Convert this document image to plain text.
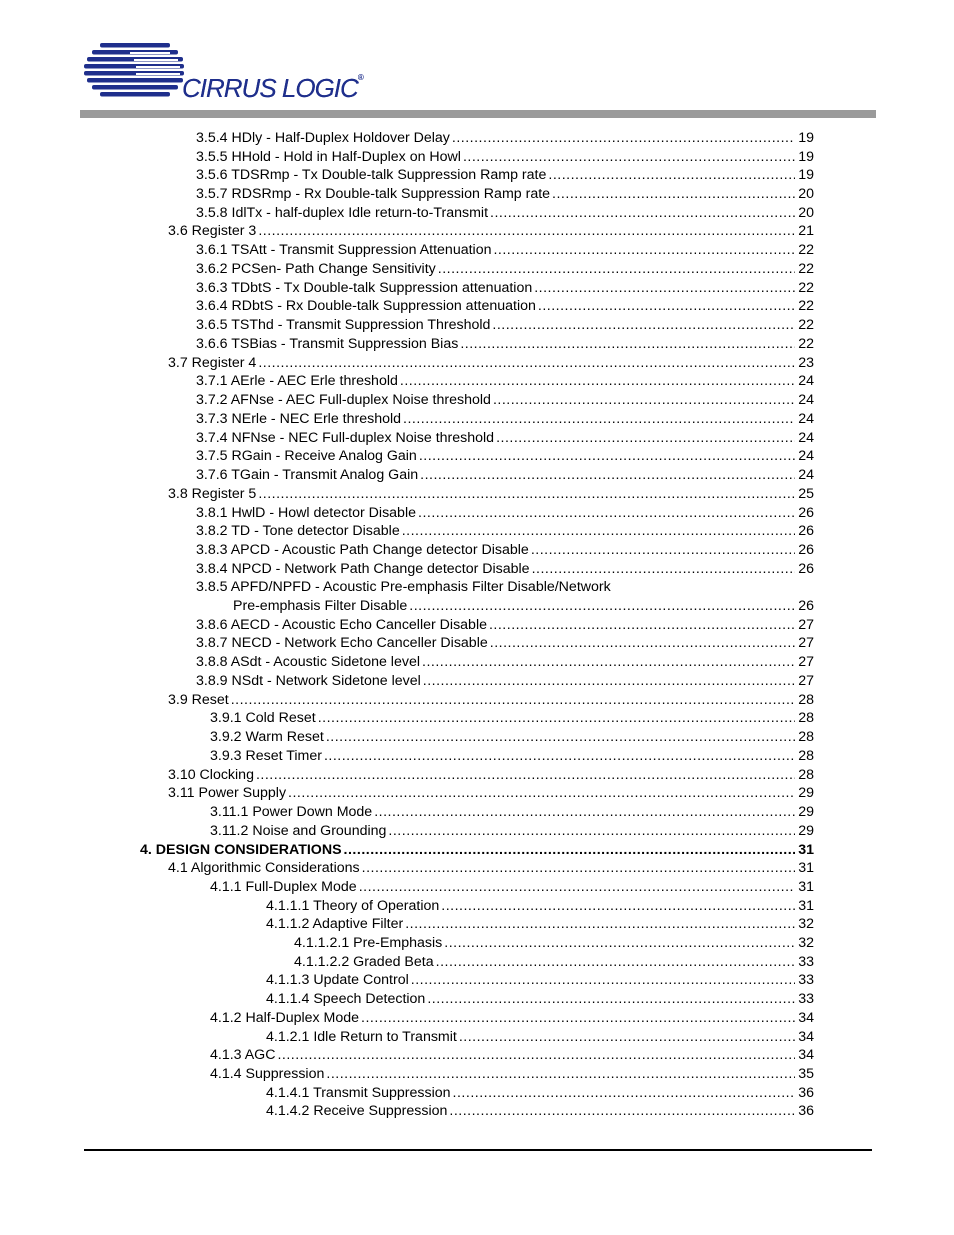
CIRRUS LOGIC®
3.5.4 HDly - Half-Duplex Holdover Delay .....	19
3.5.5 HHold - Hold in Half-Duplex on Howl .....	19
3.5.6 TDSRmp - Tx Double-talk Suppression Ramp rate .....	19
3.5.7 RDSRmp - Rx Double-talk Suppression Ramp rate .....	20
3.5.8 IdlTx - half-duplex Idle return-to-Transmit .....	20
3.6 Register 3 .....	21
3.6.1 TSAtt - Transmit Suppression Attenuation .....	22
3.6.2 PCSen- Path Change Sensitivity .....	22
3.6.3 TDbtS - Tx Double-talk Suppression attenuation .....	22
3.6.4 RDbtS - Rx Double-talk Suppression attenuation .....	22
3.6.5 TSThd - Transmit Suppression Threshold .....	22
3.6.6 TSBias - Transmit Suppression Bias .....	22
3.7 Register 4 .....	23
3.7.1 AErle - AEC Erle threshold .....	24
3.7.2 AFNse - AEC Full-duplex Noise threshold .....	24
3.7.3 NErle - NEC Erle threshold .....	24
3.7.4 NFNse - NEC Full-duplex Noise threshold .....	24
3.7.5 RGain - Receive Analog Gain .....	24
3.7.6 TGain - Transmit Analog Gain .....	24
3.8 Register 5 .....	25
3.8.1 HwlD - Howl detector Disable .....	26
3.8.2 TD - Tone detector Disable .....	26
3.8.3 APCD - Acoustic Path Change detector Disable .....	26
3.8.4 NPCD - Network Path Change detector Disable .....	26
3.8.5 APFD/NPFD - Acoustic Pre-emphasis Filter Disable/Network
Pre-emphasis Filter Disable .....	26
3.8.6 AECD - Acoustic Echo Canceller Disable .....	27
3.8.7 NECD - Network Echo Canceller Disable .....	27
3.8.8 ASdt - Acoustic Sidetone level .....	27
3.8.9 NSdt - Network Sidetone level .....	27
3.9 Reset .....	28
3.9.1 Cold Reset .....	28
3.9.2 Warm Reset .....	28
3.9.3 Reset Timer .....	28
3.10 Clocking .....	28
3.11 Power Supply .....	29
3.11.1 Power Down Mode .....	29
3.11.2 Noise and Grounding .....	29
4. DESIGN CONSIDERATIONS .....	31
4.1 Algorithmic Considerations .....	31
4.1.1 Full-Duplex Mode .....	31
4.1.1.1 Theory of Operation .....	31
4.1.1.2 Adaptive Filter .....	32
4.1.1.2.1 Pre-Emphasis .....	32
4.1.1.2.2 Graded Beta .....	33
4.1.1.3 Update Control .....	33
4.1.1.4 Speech Detection .....	33
4.1.2 Half-Duplex Mode .....	34
4.1.2.1 Idle Return to Transmit .....	34
4.1.3 AGC .....	34
4.1.4 Suppression .....	35
4.1.4.1 Transmit Suppression .....	36
4.1.4.2 Receive Suppression .....	36
